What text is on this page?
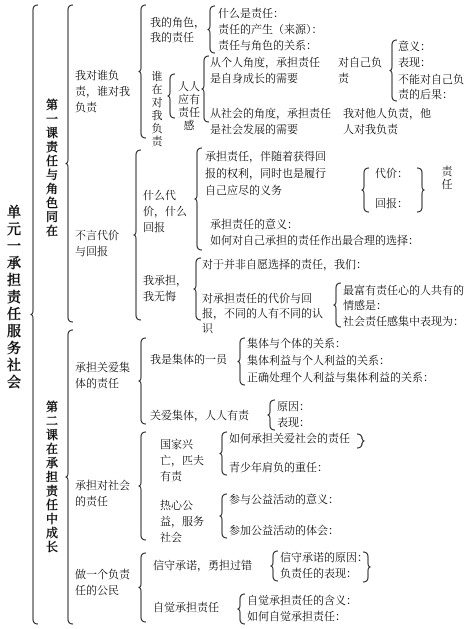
单元一 承担责任 服务社会
第一课 责任与角色同在
第二课 在承担责任中成长
我对谁负责，谁对我负责
我的角色，我的责任
什么是责任：
责任的产生（来源）：
责任与角色的关系：
谁在对我负责
人人应有责任感
从个人角度，承担责任是自身成长的需要
对自己负责
意义：
表现：
不能对自己负责的后果：
从社会的角度，承担责任是社会发展的需要
我对他人负责，他人对我负责
不言代价与回报
什么代价，什么回报
承担责任，伴随着获得回报的权利，同时也是履行自己应尽的义务
代价：
回报：
责任
承担责任的意义：
如何对自己承担的责任作出最合理的选择：
我承担，我无悔
对于并非自愿选择的责任，我们：
对承担责任的代价与回报，不同的人有不同的认识
最富有责任心的人共有的情感是：
社会责任感集中表现为：
承担关爱集体的责任
我是集体的一员
集体与个体的关系：
集体利益与个人利益的关系：
正确处理个人利益与集体利益的关系：
关爱集体，人人有责
原因：
表现：
承担对社会的责任
国家兴亡，匹夫有责
如何承担关爱社会的责任
青少年肩负的重任：
热心公益，服务社会
参与公益活动的意义：
参加公益活动的体会：
做一个负责任的公民
信守承诺，勇担过错
信守承诺的原因：
负责任的表现：
自觉承担责任
自觉承担责任的含义：
如何自觉承担责任：
